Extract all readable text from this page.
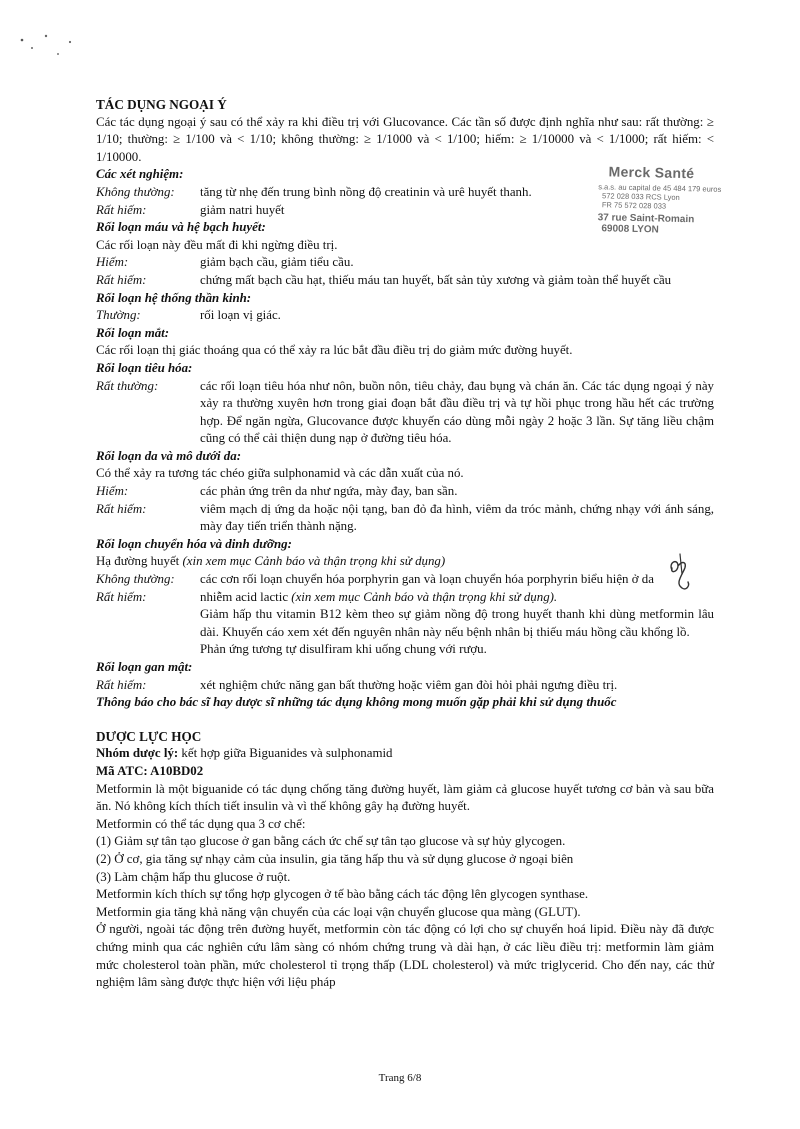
TÁC DỤNG NGOẠI Ý
Các tác dụng ngoại ý sau có thể xảy ra khi điều trị với Glucovance. Các tần số được định nghĩa như sau: rất thường: ≥ 1/10; thường: ≥ 1/100 và < 1/10; không thường: ≥ 1/1000 và < 1/100; hiếm: ≥ 1/10000 và < 1/1000; rất hiếm: < 1/10000.
Các xét nghiệm:
Không thường:	tăng từ nhẹ đến trung bình nồng độ creatinin và urê huyết thanh.
Rất hiếm:	giảm natri huyết
Rối loạn máu và hệ bạch huyết:
Các rối loạn này đều mất đi khi ngừng điều trị.
Hiếm:	giảm bạch cầu, giảm tiểu cầu.
Rất hiếm:	chứng mất bạch cầu hạt, thiếu máu tan huyết, bất sản tủy xương và giảm toàn thể huyết cầu
Rối loạn hệ thống thần kinh:
Thường:	rối loạn vị giác.
Rối loạn mắt:
Các rối loạn thị giác thoáng qua có thể xảy ra lúc bắt đầu điều trị do giảm mức đường huyết.
Rối loạn tiêu hóa:
Rất thường:	các rối loạn tiêu hóa như nôn, buồn nôn, tiêu chảy, đau bụng và chán ăn. Các tác dụng ngoại ý này xảy ra thường xuyên hơn trong giai đoạn bắt đầu điều trị và tự hồi phục trong hầu hết các trường hợp. Để ngăn ngừa, Glucovance được khuyến cáo dùng mỗi ngày 2 hoặc 3 lần. Sự tăng liều chậm cũng có thể cải thiện dung nạp ở đường tiêu hóa.
Rối loạn da và mô dưới da:
Có thể xảy ra tương tác chéo giữa sulphonamid và các dẫn xuất của nó.
Hiếm:	các phản ứng trên da như ngứa, mày đay, ban sần.
Rất hiếm:	viêm mạch dị ứng da hoặc nội tạng, ban đỏ đa hình, viêm da tróc mảnh, chứng nhạy với ánh sáng, mày đay tiến triển thành nặng.
Rối loạn chuyển hóa và dinh dưỡng:
Hạ đường huyết (xin xem mục Cảnh báo và thận trọng khi sử dụng)
Không thường:	các cơn rối loạn chuyển hóa porphyrin gan và loạn chuyển hóa porphyrin biểu hiện ở da
Rất hiếm:	nhiễm acid lactic (xin xem mục Cảnh báo và thận trọng khi sử dụng).
Giảm hấp thu vitamin B12 kèm theo sự giảm nồng độ trong huyết thanh khi dùng metformin lâu dài. Khuyến cáo xem xét đến nguyên nhân này nếu bệnh nhân bị thiếu máu hồng cầu khổng lồ.
Phản ứng tương tự disulfiram khi uống chung với rượu.
Rối loạn gan mật:
Rất hiếm:	xét nghiệm chức năng gan bất thường hoặc viêm gan đòi hỏi phải ngưng điều trị.
Thông báo cho bác sĩ hay dược sĩ những tác dụng không mong muốn gặp phải khi sử dụng thuốc
DƯỢC LỰC HỌC
Nhóm dược lý: kết hợp giữa Biguanides và sulphonamid
Mã ATC: A10BD02
Metformin là một biguanide có tác dụng chống tăng đường huyết, làm giảm cả glucose huyết tương cơ bản và sau bữa ăn. Nó không kích thích tiết insulin và vì thế không gây hạ đường huyết.
Metformin có thể tác dụng qua 3 cơ chế:
(1) Giảm sự tân tạo glucose ở gan bằng cách ức chế sự tân tạo glucose và sự hủy glycogen.
(2) Ở cơ, gia tăng sự nhạy cảm của insulin, gia tăng hấp thu và sử dụng glucose ở ngoại biên
(3) Làm chậm hấp thu glucose ở ruột.
Metformin kích thích sự tổng hợp glycogen ở tế bào bằng cách tác động lên glycogen synthase.
Metformin gia tăng khả năng vận chuyển của các loại vận chuyển glucose qua màng (GLUT).
Ở người, ngoài tác động trên đường huyết, metformin còn tác động có lợi cho sự chuyển hoá lipid. Điều này đã được chứng minh qua các nghiên cứu lâm sàng có nhóm chứng trung và dài hạn, ở các liều điều trị: metformin làm giảm mức cholesterol toàn phần, mức cholesterol tỉ trọng thấp (LDL cholesterol) và mức triglycerid. Cho đến nay, các thử nghiệm lâm sàng được thực hiện với liệu pháp
Merck Santé
s.a.s. au capital de 45 484 179 euros
572 028 033 RCS Lyon
FR 75 572 028 033
37 rue Saint-Romain
69008 LYON
Trang 6/8
